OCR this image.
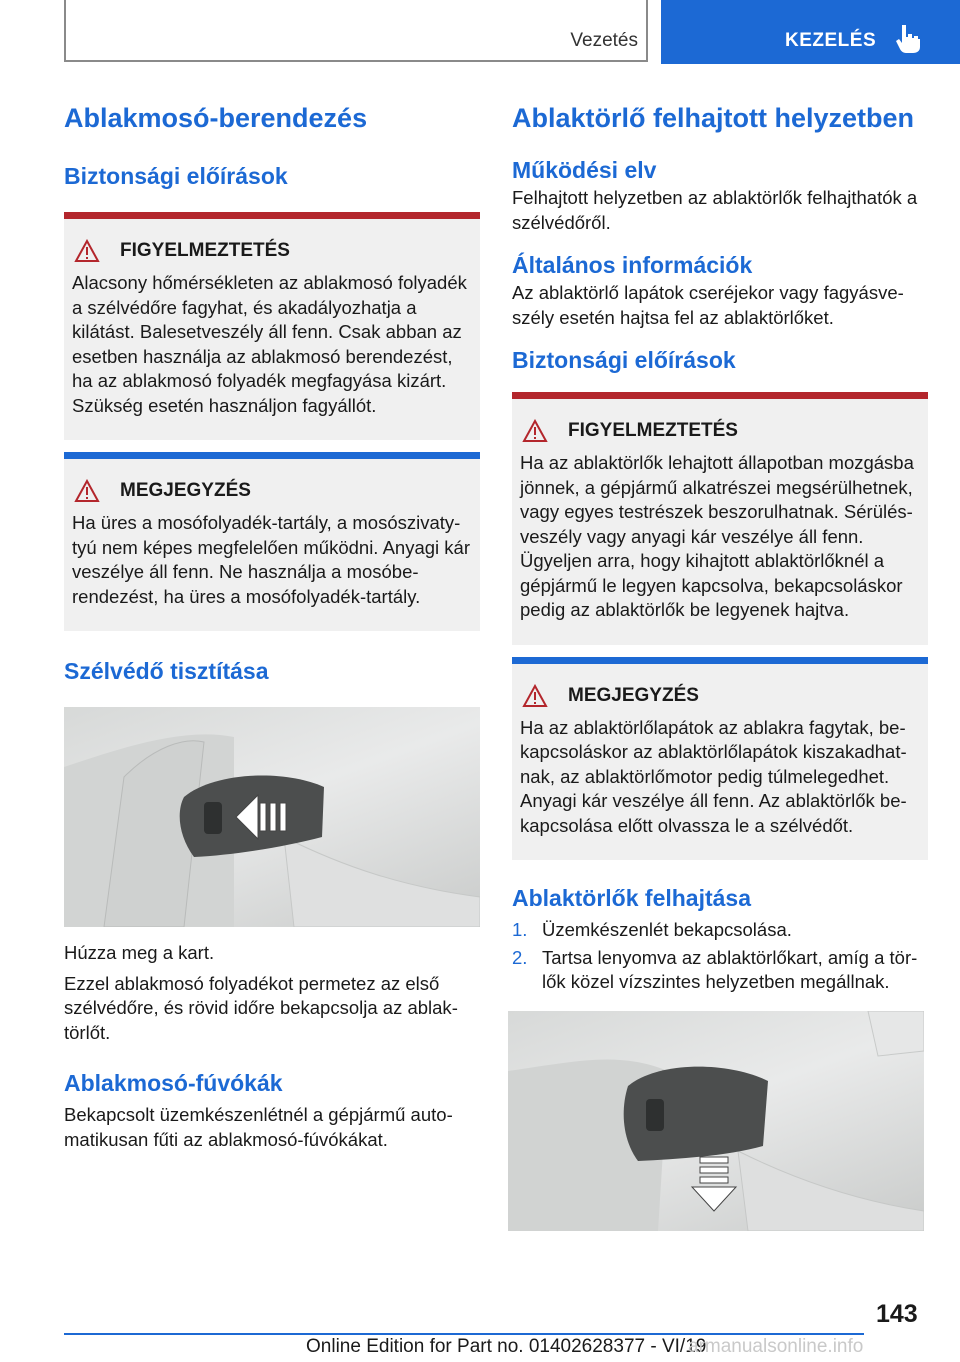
Vezetés	KEZELÉS
Ablakmosó-berendezés
Biztonsági előírások
FIGYELMEZTETÉS

Alacsony hőmérsékleten az ablakmosó folyadék a szélvédőre fagyhat, és akadályozhatja a kilátást. Balesetveszély áll fenn. Csak abban az esetben használja az ablakmosó berendezést, ha az ablakmosó folyadék megfagyása kizárt. Szükség esetén használjon fagyállót.

MEGJEGYZÉS

Ha üres a mosófolyadék-tartály, a mosószivatytyú nem képes megfelelően működni. Anyagi kár veszélye áll fenn. Ne használja a mosóberendezést, ha üres a mosófolyadék-tartály.

Szélvédő tisztítása

Húzza meg a kart.

Ezzel ablakmosó folyadékot permetez az első szélvédőre, és rövid időre bekapcsolja az ablaktörlőt.

Ablakmosó-fúvókák

Bekapcsolt üzemkészenlétnél a gépjármű automatikusan fűti az ablakmosó-fúvókákat.

Ablaktörlő felhajtott helyzetben
Működési elv

Felhajtott helyzetben az ablaktörlők felhajthatók a szélvédőről.

Általános információk

Az ablaktörlő lapátok cseréjekor vagy fagyásveszély esetén hajtsa fel az ablaktörlőket.

Biztonsági előírások
FIGYELMEZTETÉS

Ha az ablaktörlők lehajtott állapotban mozgásba jönnek, a gépjármű alkatrészei megsérülhetnek, vagy egyes testrészek beszorulhatnak. Sérülésveszély vagy anyagi kár veszélye áll fenn. Ügyeljen arra, hogy kihajtott ablaktörlőknél a gépjármű le legyen kapcsolva, bekapcsoláskor pedig az ablaktörlők be legyenek hajtva.

MEGJEGYZÉS

Ha az ablaktörlőlapátok az ablakra fagytak, bekapcsoláskor az ablaktörlőlapátok kiszakadhatnak, az ablaktörlőmotor pedig túlmelegedhet. Anyagi kár veszélye áll fenn. Az ablaktörlők bekapcsolása előtt olvassza le a szélvédőt.

Ablaktörlők felhajtása
1. Üzemkészenlét bekapcsolása.
2. Tartsa lenyomva az ablaktörlőkart, amíg a törlők közel vízszintes helyzetben megállnak.
143
Online Edition for Part no. 01402628377 - VI/19
armanualsonline.info
